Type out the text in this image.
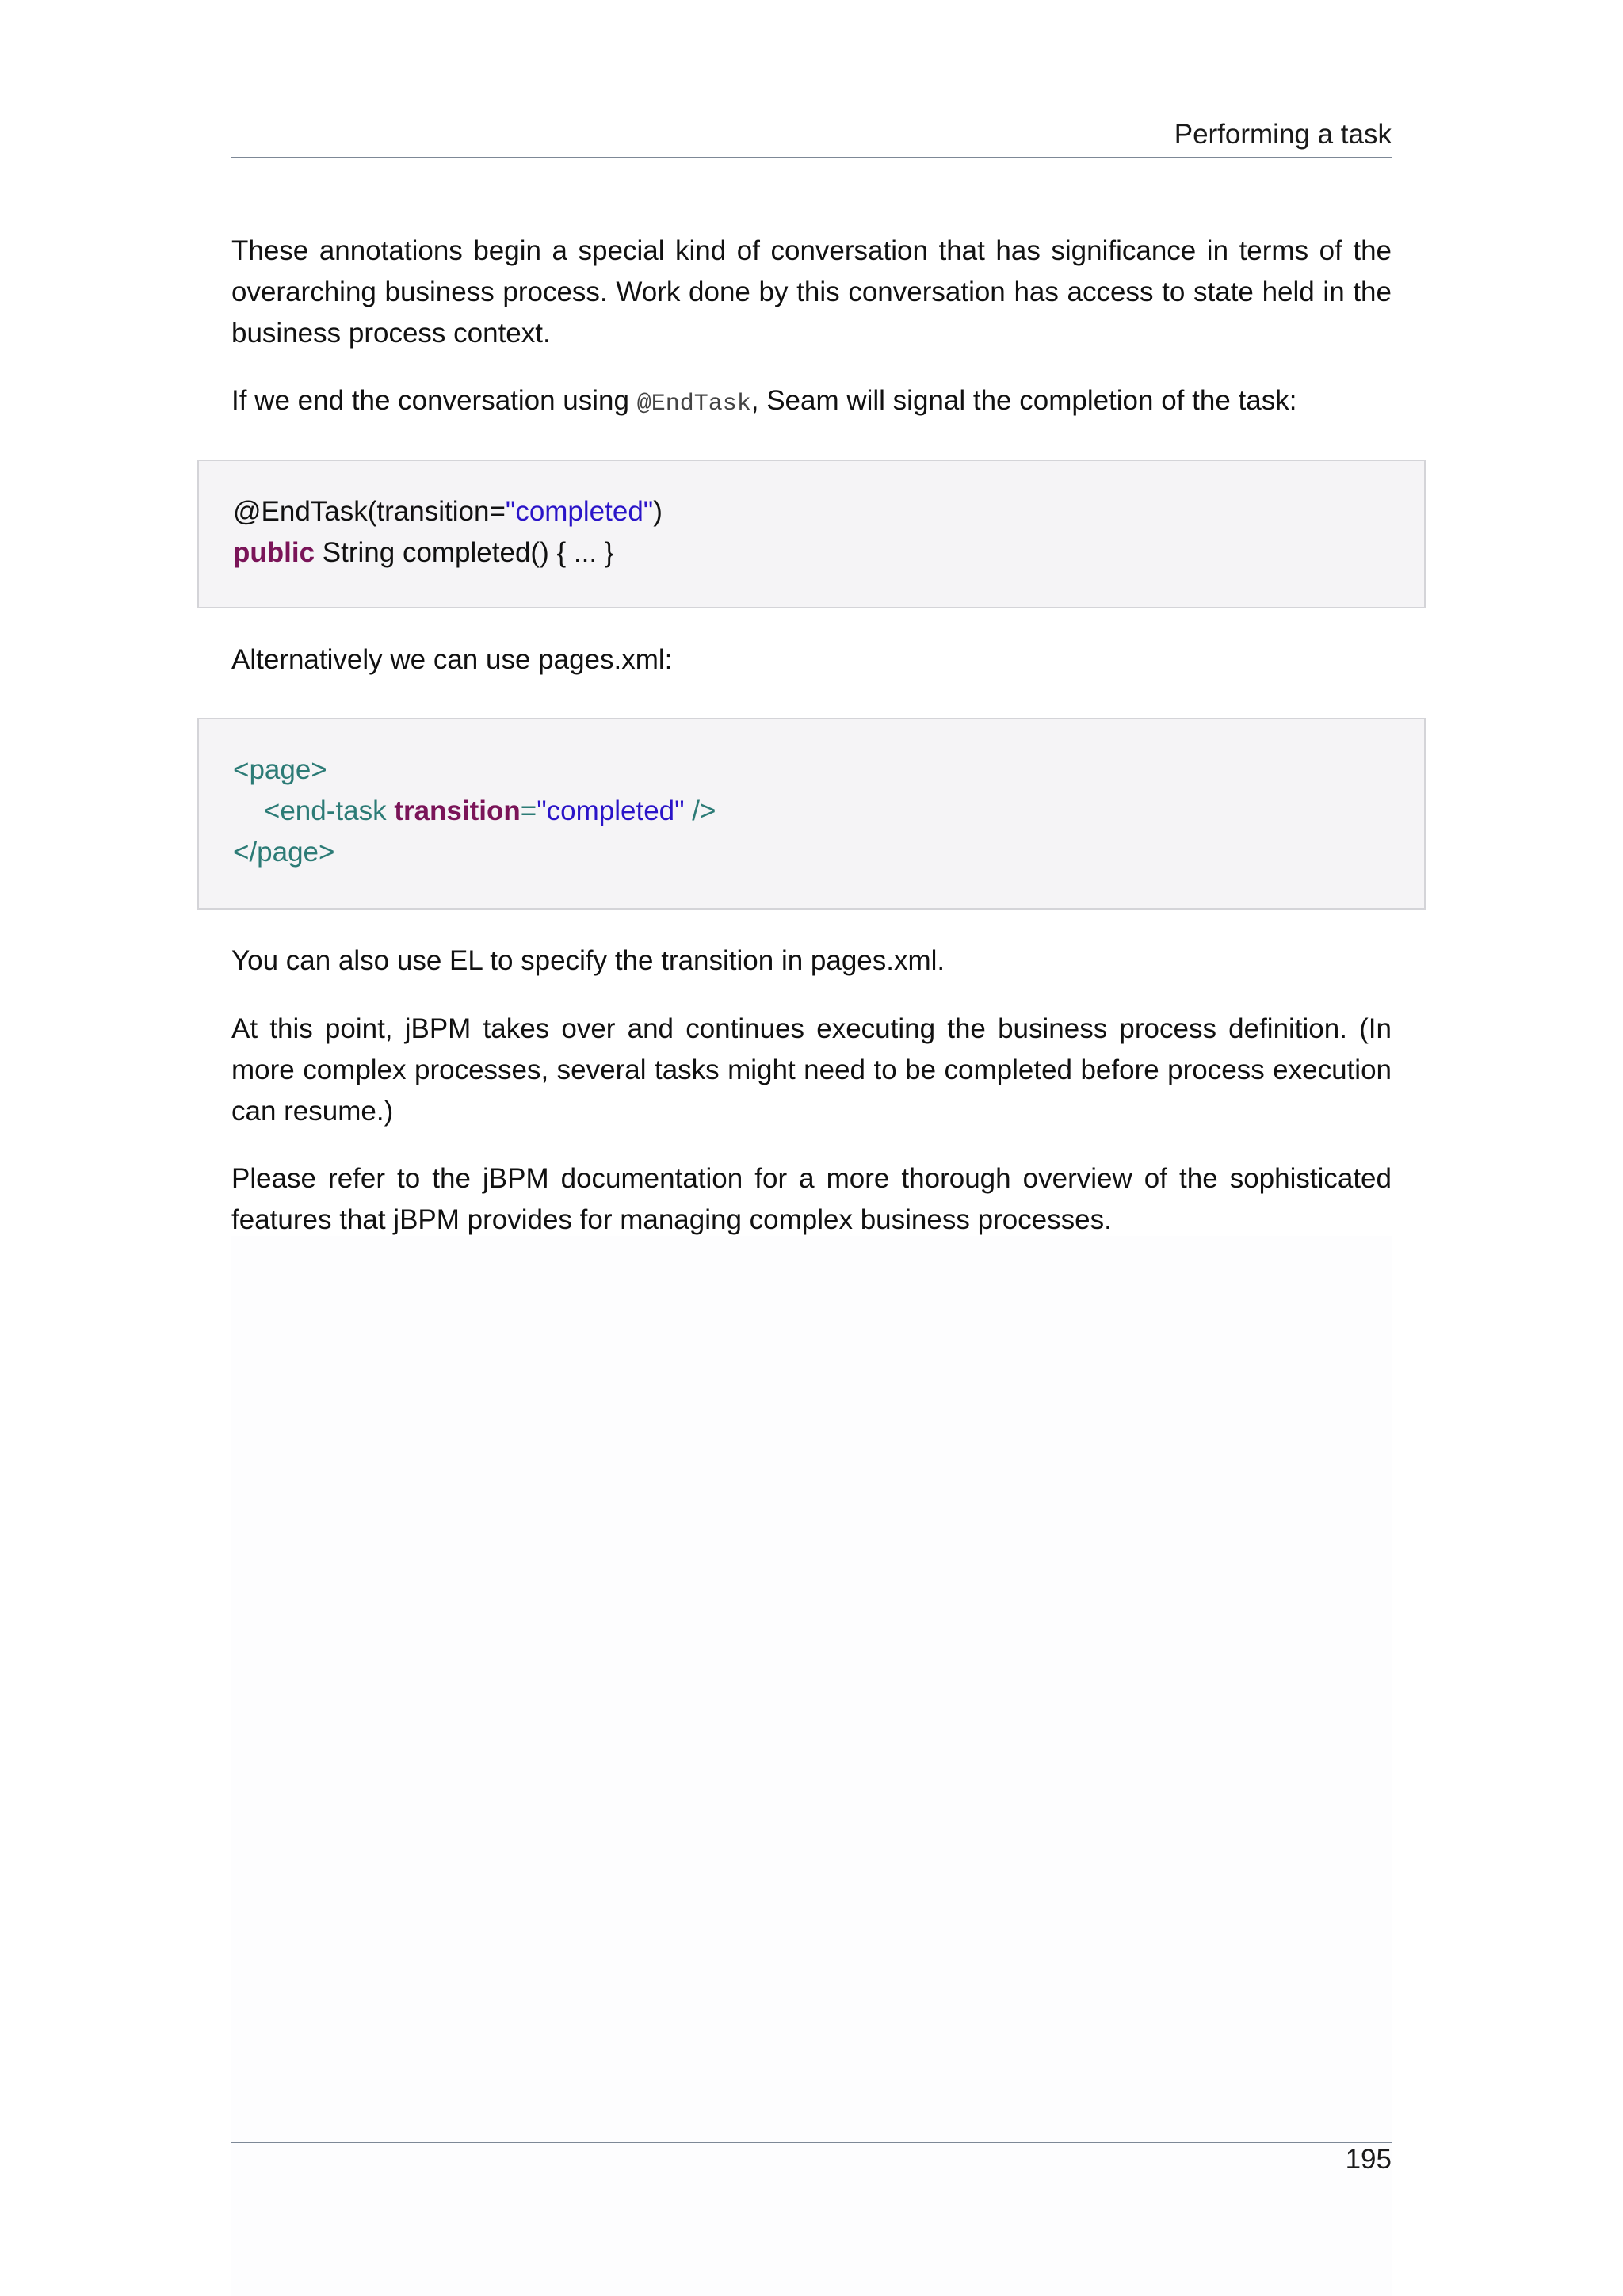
Performing a task

These annotations begin a special kind of conversation that has significance in terms of the overarching business process. Work done by this conversation has access to state held in the business process context.

If we end the conversation using @EndTask, Seam will signal the completion of the task:

@EndTask(transition="completed")
public String completed() { ... }

Alternatively we can use pages.xml:

<page>
<end-task transition="completed" />
</page>

You can also use EL to specify the transition in pages.xml.

At this point, jBPM takes over and continues executing the business process definition. (In more complex processes, several tasks might need to be completed before process execution can resume.)

Please refer to the jBPM documentation for a more thorough overview of the sophisticated features that jBPM provides for managing complex business processes.

195
